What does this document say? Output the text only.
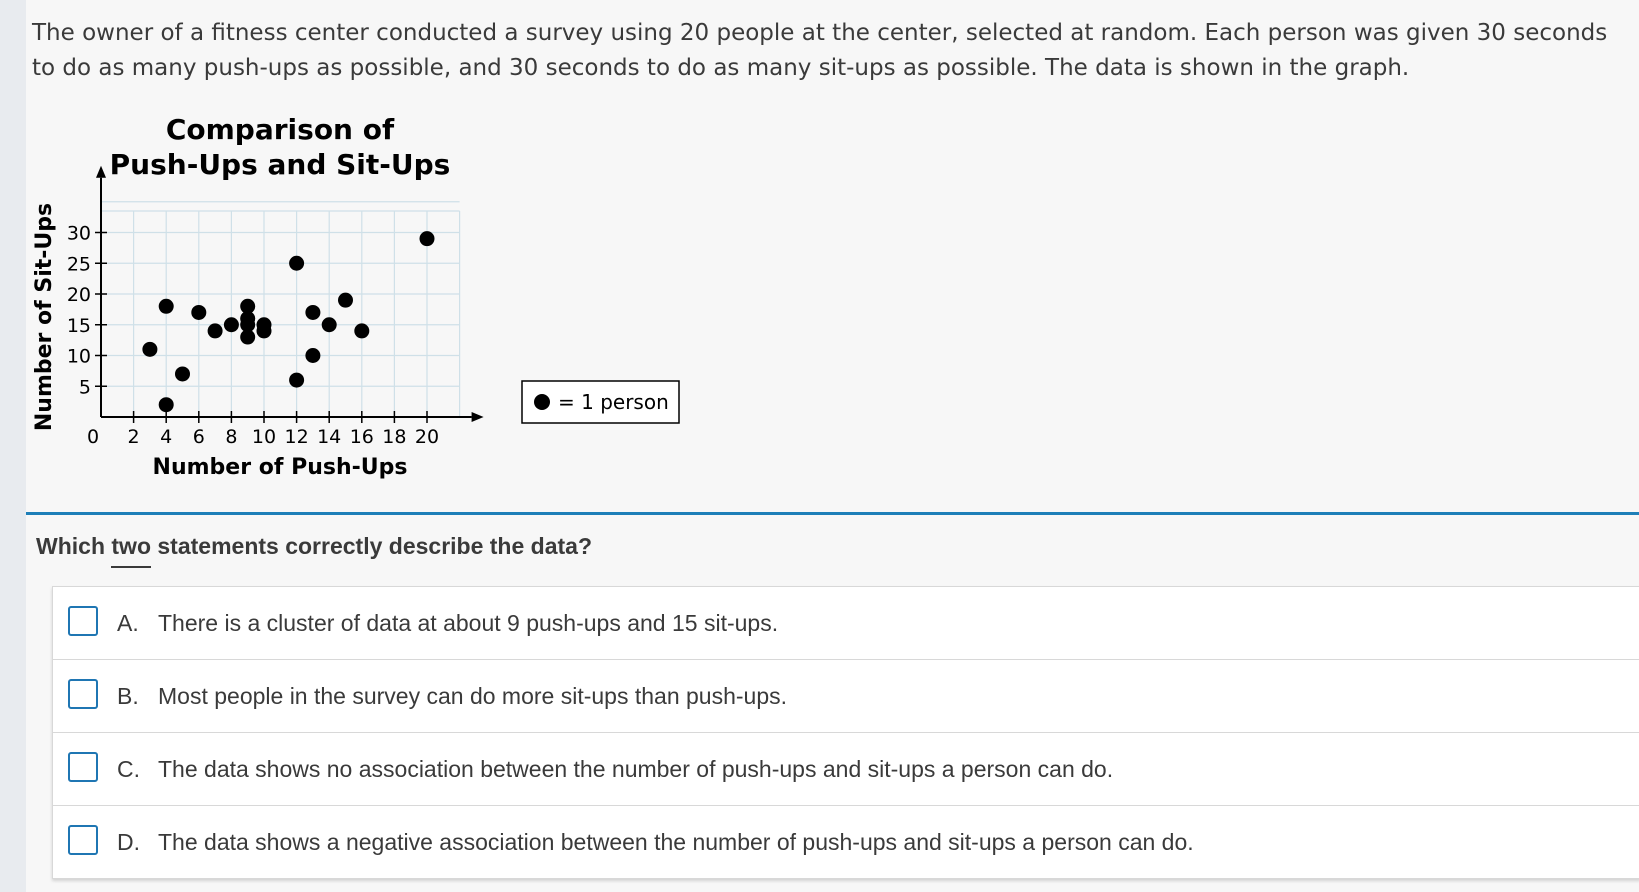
The owner of a fitness center conducted a survey using 20 people at the center, selected at random. Each person was given 30 seconds to do as many push-ups as possible, and 30 seconds to do as many sit-ups as possible. The data is shown in the graph.
0 2 4 6 8 10 12 14 16 18 20
5
10
15
20
25
30
Comparison of
Push-Ups and Sit-Ups
Number of Push-Ups
Number of Sit-Ups	= 1 person
Which two statements correctly describe the data?
A. There is a cluster of data at about 9 push-ups and 15 sit-ups.
B. Most people in the survey can do more sit-ups than push-ups.
C. The data shows no association between the number of push-ups and sit-ups a person can do.
D. The data shows a negative association between the number of push-ups and sit-ups a person can do.
